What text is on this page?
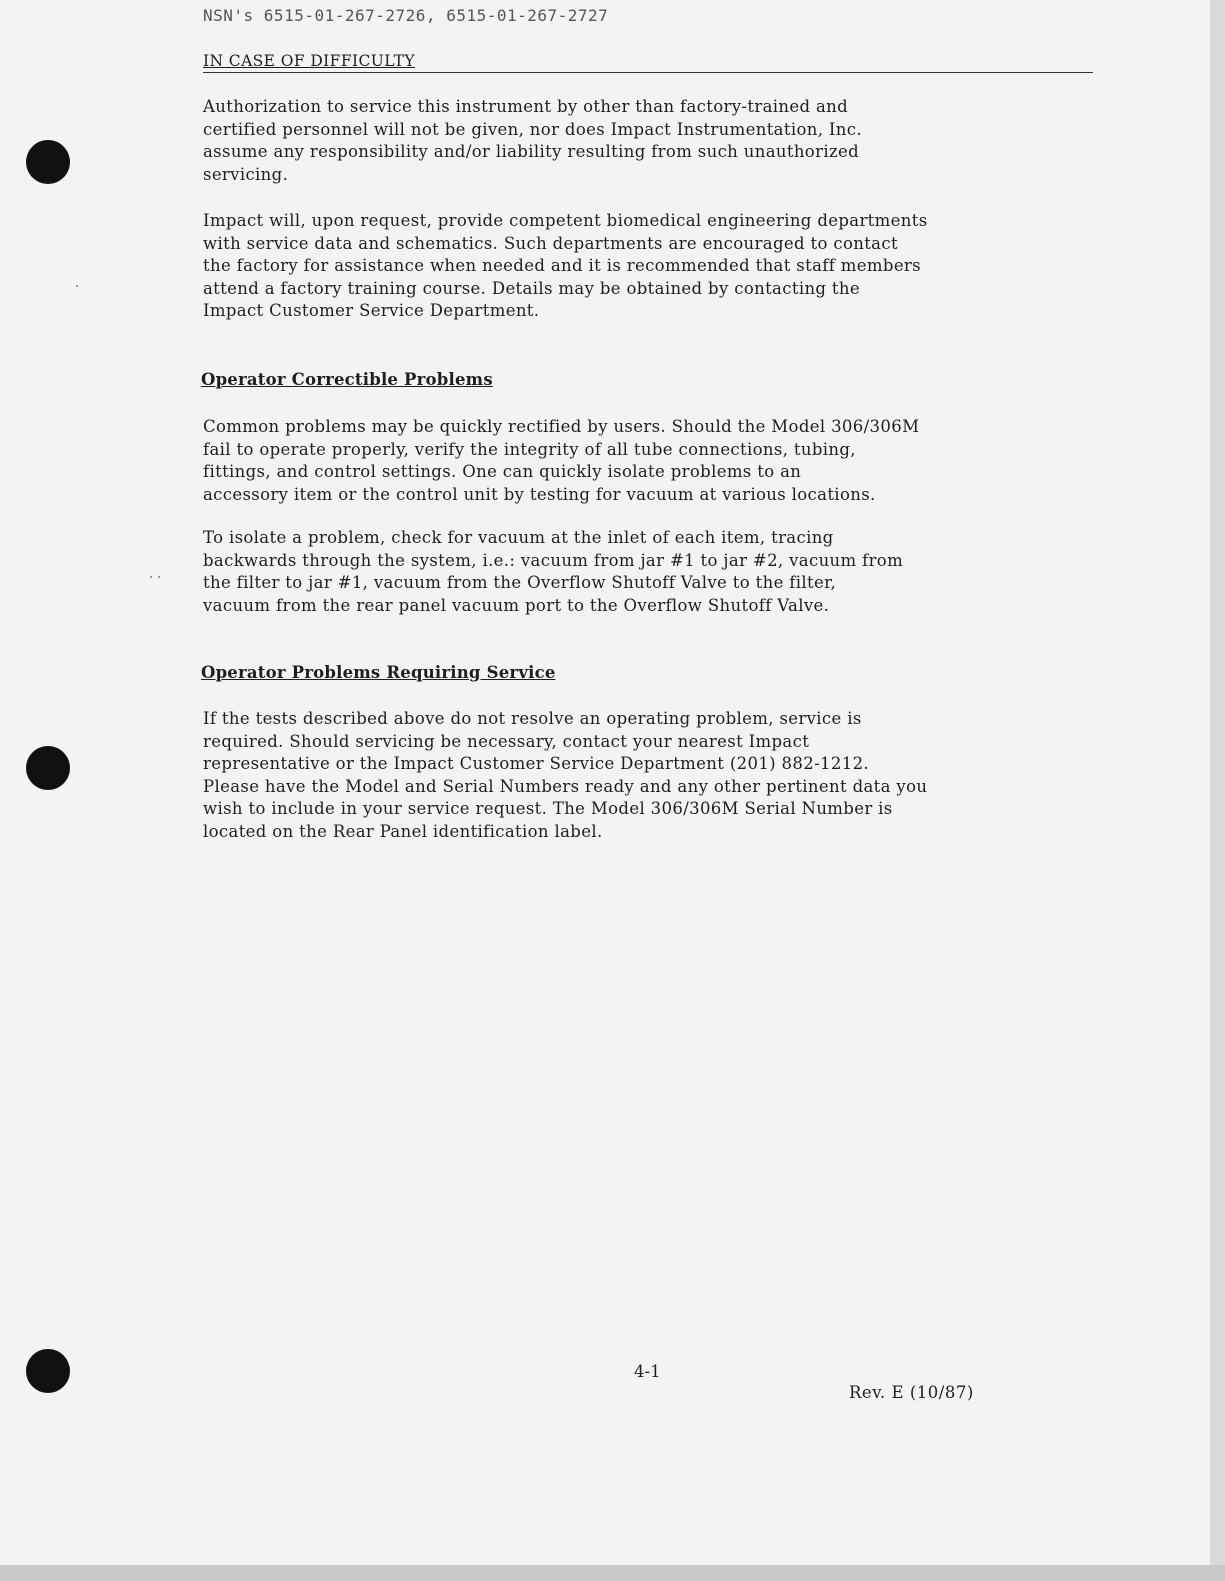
NSN's 6515-01-267-2726, 6515-01-267-2727
IN CASE OF DIFFICULTY

Authorization to service this instrument by other than factory-trained and
certified personnel will not be given, nor does Impact Instrumentation, Inc.
assume any responsibility and/or liability resulting from such unauthorized
servicing.

Impact will, upon request, provide competent biomedical engineering departments
with service data and schematics. Such departments are encouraged to contact
the factory for assistance when needed and it is recommended that staff members
attend a factory training course. Details may be obtained by contacting the
Impact Customer Service Department.

Operator Correctible Problems

Common problems may be quickly rectified by users. Should the Model 306/306M
fail to operate properly, verify the integrity of all tube connections, tubing,
fittings, and control settings. One can quickly isolate problems to an
accessory item or the control unit by testing for vacuum at various locations.

To isolate a problem, check for vacuum at the inlet of each item, tracing
backwards through the system, i.e.: vacuum from jar #1 to jar #2, vacuum from
the filter to jar #1, vacuum from the Overflow Shutoff Valve to the filter,
vacuum from the rear panel vacuum port to the Overflow Shutoff Valve.

Operator Problems Requiring Service

If the tests described above do not resolve an operating problem, service is
required. Should servicing be necessary, contact your nearest Impact
representative or the Impact Customer Service Department (201) 882-1212.
Please have the Model and Serial Numbers ready and any other pertinent data you
wish to include in your service request. The Model 306/306M Serial Number is
located on the Rear Panel identification label.

4-1
Rev. E (10/87)
